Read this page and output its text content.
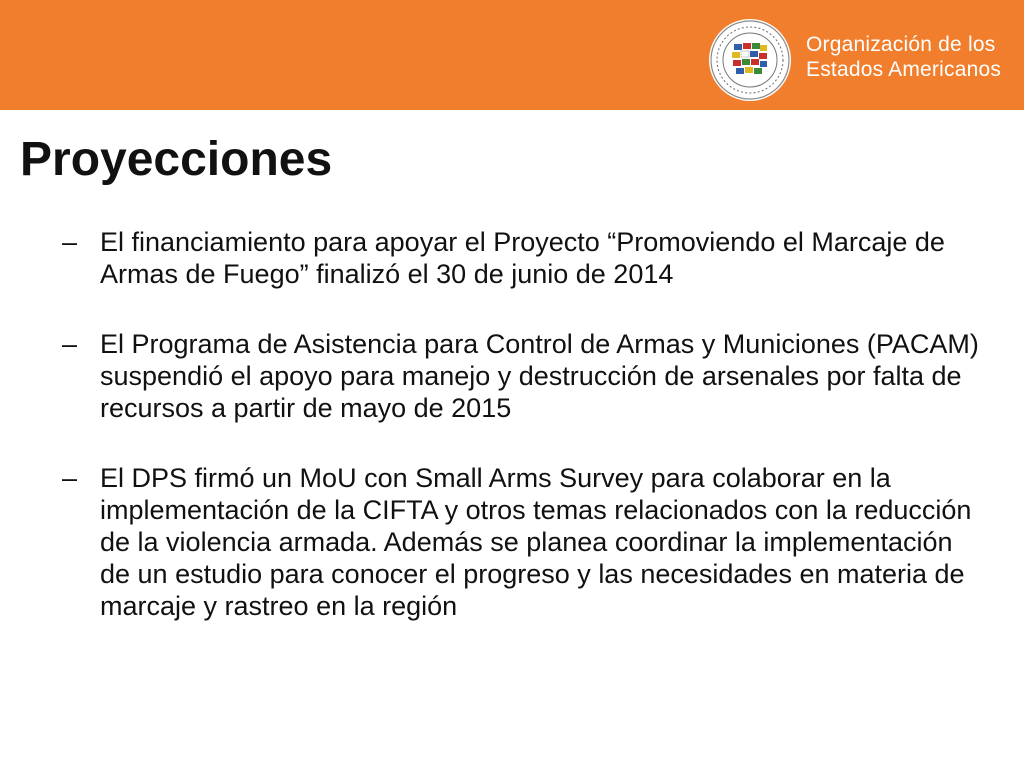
Organización de los
Estados Americanos
Proyecciones
– El financiamiento para apoyar el Proyecto “Promoviendo el Marcaje de Armas de Fuego” finalizó el 30 de junio de 2014
– El Programa de Asistencia para Control de Armas y Municiones (PACAM) suspendió el apoyo para manejo y destrucción de arsenales por falta de recursos a partir de mayo de 2015
– El DPS firmó un MoU con Small Arms Survey para colaborar en la implementación de la CIFTA y otros temas relacionados con la reducción de la violencia armada. Además se planea coordinar la implementación de un estudio para conocer el progreso y las necesidades en materia de marcaje y rastreo en la región
